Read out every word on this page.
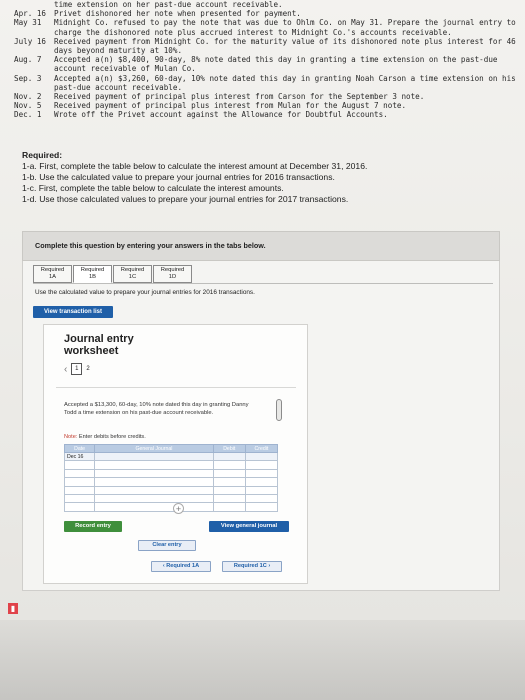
time extension on her past-due account receivable.
Apr. 16	Privet dishonored her note when presented for payment.
May 31	Midnight Co. refused to pay the note that was due to Ohlm Co. on May 31. Prepare the journal entry to charge the dishonored note plus accrued interest to Midnight Co.'s accounts receivable.
July 16	Received payment from Midnight Co. for the maturity value of its dishonored note plus interest for 46 days beyond maturity at 10%.
Aug. 7	Accepted a(n) $8,400, 90-day, 8% note dated this day in granting a time extension on the past-due account receivable of Mulan Co.
Sep. 3	Accepted a(n) $3,260, 60-day, 10% note dated this day in granting Noah Carson a time extension on his past-due account receivable.
Nov. 2	Received payment of principal plus interest from Carson for the September 3 note.
Nov. 5	Received payment of principal plus interest from Mulan for the August 7 note.
Dec. 1	Wrote off the Privet account against the Allowance for Doubtful Accounts.
Required:
1-a. First, complete the table below to calculate the interest amount at December 31, 2016.
1-b. Use the calculated value to prepare your journal entries for 2016 transactions.
1-c. First, complete the table below to calculate the interest amounts.
1-d. Use those calculated values to prepare your journal entries for 2017 transactions.
Complete this question by entering your answers in the tabs below.
Required
1A
Required
1B
Required
1C
Required
1D
Use the calculated value to prepare your journal entries for 2016 transactions.
View transaction list
Journal entry
worksheet
‹	1	2
Accepted a $13,300, 60-day, 10% note dated this day in granting Danny Todd a time extension on his past-due account receivable.
Note: Enter debits before credits.
Date	General Journal	Debit	Credit
Dec 16			

+
Record entry
Clear entry
View general journal
‹ Required 1A	Required 1C ›
▮
